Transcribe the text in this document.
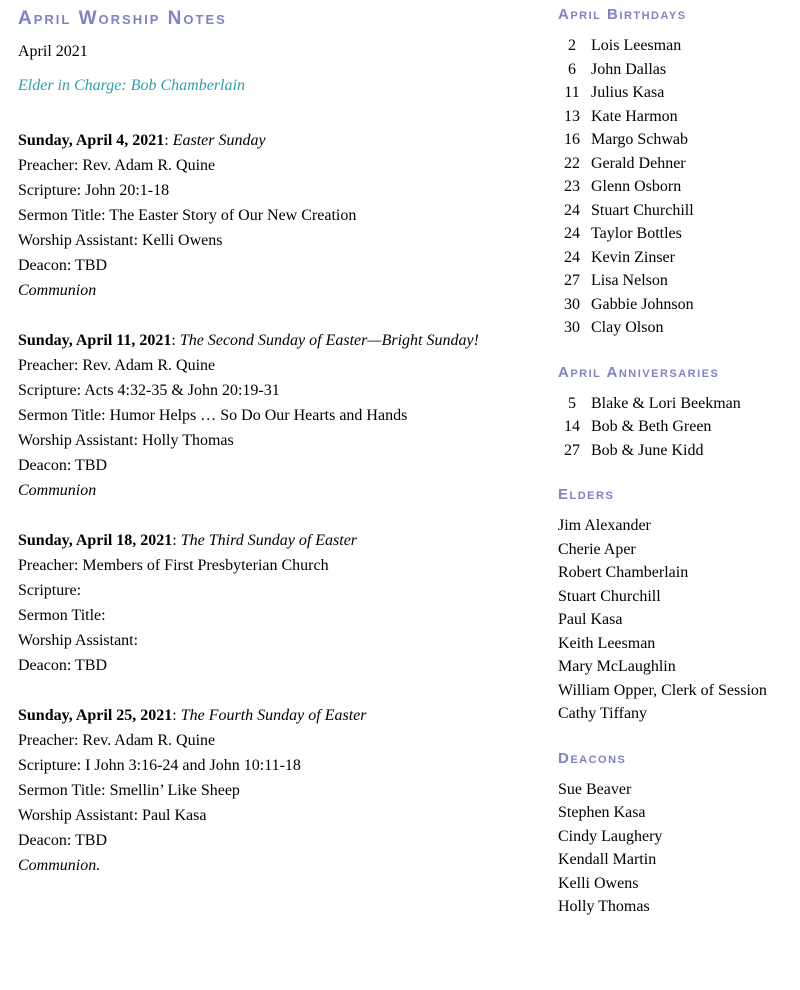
April Worship Notes

April 2021

Elder in Charge: Bob Chamberlain

Sunday, April 4, 2021: Easter Sunday

Preacher: Rev. Adam R. Quine

Scripture: John 20:1-18

Sermon Title: The Easter Story of Our New Creation

Worship Assistant: Kelli Owens

Deacon: TBD

Communion

Sunday, April 11, 2021: The Second Sunday of Easter—Bright Sunday!

Preacher: Rev. Adam R. Quine

Scripture: Acts 4:32-35 & John 20:19-31

Sermon Title: Humor Helps … So Do Our Hearts and Hands

Worship Assistant: Holly Thomas

Deacon: TBD

Communion

Sunday, April 18, 2021: The Third Sunday of Easter

Preacher: Members of First Presbyterian Church

Scripture:

Sermon Title:

Worship Assistant:

Deacon: TBD

Sunday, April 25, 2021: The Fourth Sunday of Easter

Preacher: Rev. Adam R. Quine

Scripture: I John 3:16-24 and John 10:11-18

Sermon Title: Smellin’ Like Sheep

Worship Assistant: Paul Kasa

Deacon: TBD

Communion.

April Birthdays
2 Lois Leesman
6 John Dallas
11 Julius Kasa
13 Kate Harmon
16 Margo Schwab
22 Gerald Dehner
23 Glenn Osborn
24 Stuart Churchill
24 Taylor Bottles
24 Kevin Zinser
27 Lisa Nelson
30 Gabbie Johnson
30 Clay Olson
April Anniversaries
5 Blake & Lori Beekman
14 Bob & Beth Green
27 Bob & June Kidd
Elders

Jim Alexander

Cherie Aper

Robert Chamberlain

Stuart Churchill

Paul Kasa

Keith Leesman

Mary McLaughlin

William Opper, Clerk of Session

Cathy Tiffany

Deacons

Sue Beaver

Stephen Kasa

Cindy Laughery

Kendall Martin

Kelli Owens

Holly Thomas
